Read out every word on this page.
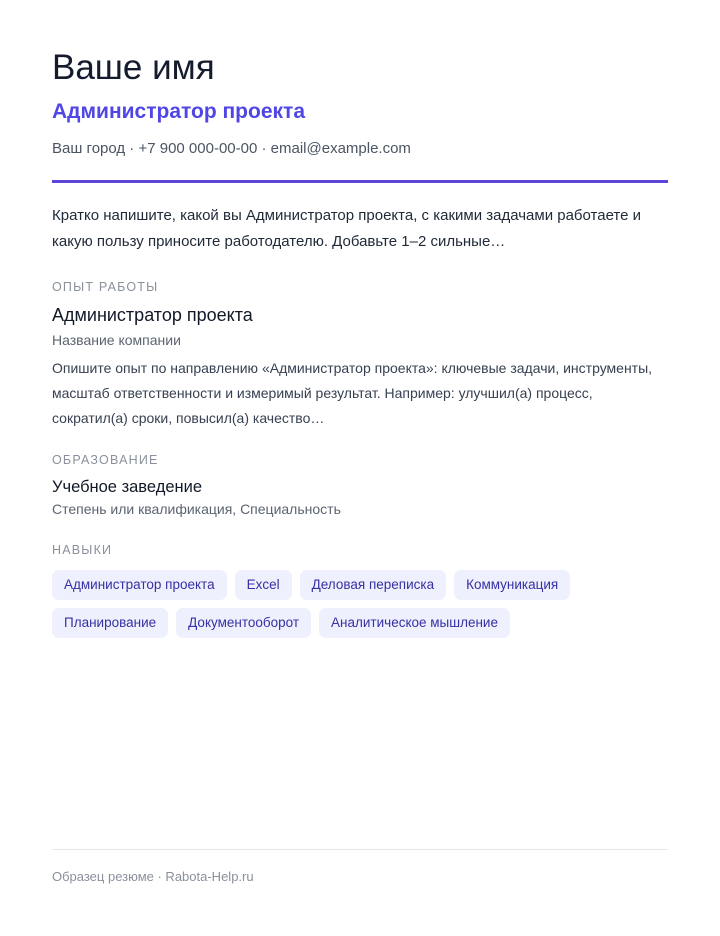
Ваше имя
Администратор проекта
Ваш город · +7 900 000-00-00 · email@example.com

Кратко напишите, какой вы Администратор проекта, с какими задачами работаете и какую пользу приносите работодателю. Добавьте 1–2 сильные…

ОПЫТ РАБОТЫ
Администратор проекта
Название компании

Опишите опыт по направлению «Администратор проекта»: ключевые задачи, инструменты, масштаб ответственности и измеримый результат. Например: улучшил(а) процесс, сократил(а) сроки, повысил(а) качество…

ОБРАЗОВАНИЕ
Учебное заведение
Степень или квалификация, Специальность
НАВЫКИ
Администратор проекта	Excel	Деловая переписка	Коммуникация
Планирование	Документооборот	Аналитическое мышление
Образец резюме · Rabota-Help.ru
